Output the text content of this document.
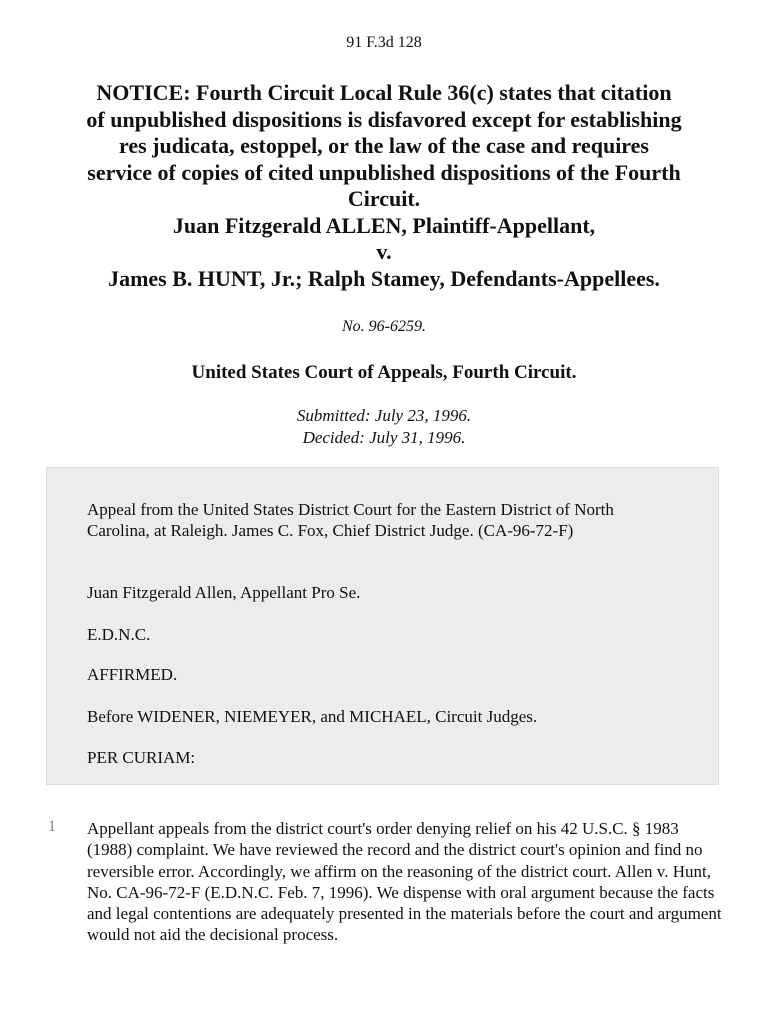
91 F.3d 128
NOTICE: Fourth Circuit Local Rule 36(c) states that citation
of unpublished dispositions is disfavored except for establishing
res judicata, estoppel, or the law of the case and requires
service of copies of cited unpublished dispositions of the Fourth
Circuit.
Juan Fitzgerald ALLEN, Plaintiff-Appellant,
v.
James B. HUNT, Jr.; Ralph Stamey, Defendants-Appellees.
No. 96-6259.
United States Court of Appeals, Fourth Circuit.
Submitted: July 23, 1996.
Decided: July 31, 1996.
Appeal from the United States District Court for the Eastern District of North Carolina, at Raleigh. James C. Fox, Chief District Judge. (CA-96-72-F)
Juan Fitzgerald Allen, Appellant Pro Se.
E.D.N.C.
AFFIRMED.
Before WIDENER, NIEMEYER, and MICHAEL, Circuit Judges.
PER CURIAM:
1 Appellant appeals from the district court's order denying relief on his 42 U.S.C. § 1983 (1988) complaint. We have reviewed the record and the district court's opinion and find no reversible error. Accordingly, we affirm on the reasoning of the district court. Allen v. Hunt, No. CA-96-72-F (E.D.N.C. Feb. 7, 1996). We dispense with oral argument because the facts and legal contentions are adequately presented in the materials before the court and argument would not aid the decisional process.
